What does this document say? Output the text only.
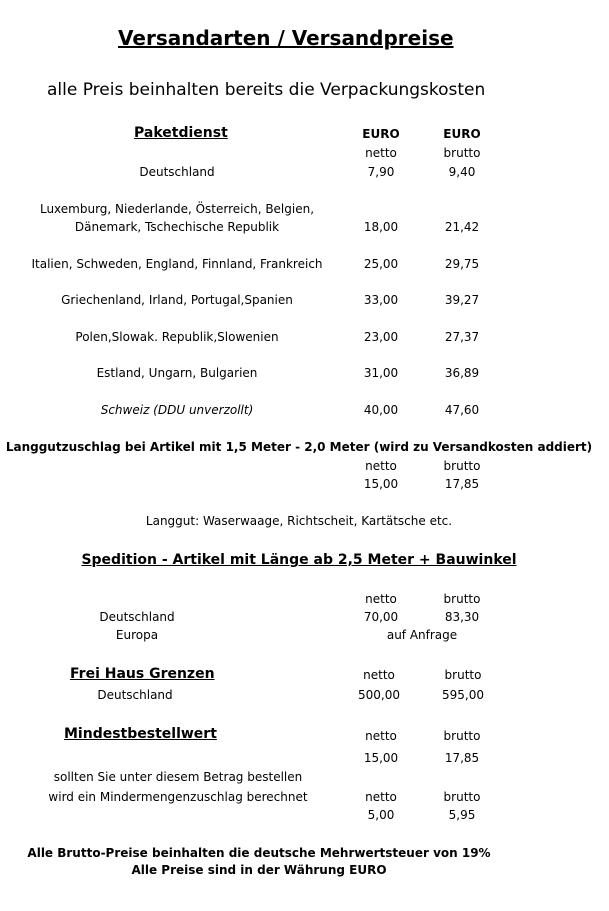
Versandarten / Versandpreise
alle Preis beinhalten bereits die Verpackungskosten
Paketdienst	EURO	EURO
netto	brutto
Deutschland	7,90	9,40
Luxemburg, Niederlande, Österreich, Belgien,
Dänemark, Tschechische Republik	18,00	21,42
Italien, Schweden, England, Finnland, Frankreich	25,00	29,75
Griechenland, Irland, Portugal,Spanien	33,00	39,27
Polen,Slowak. Republik,Slowenien	23,00	27,37
Estland, Ungarn, Bulgarien	31,00	36,89
Schweiz (DDU unverzollt)	40,00	47,60
Langgutzuschlag bei Artikel mit 1,5 Meter - 2,0 Meter (wird zu Versandkosten addiert)
netto	brutto
15,00	17,85
Langgut: Waserwaage, Richtscheit, Kartätsche etc.
Spedition - Artikel mit Länge ab 2,5 Meter + Bauwinkel
netto	brutto
Deutschland	70,00	83,30
Europa	auf Anfrage
Frei Haus Grenzen	netto	brutto
Deutschland	500,00	595,00
Mindestbestellwert	netto	brutto
15,00	17,85
sollten Sie unter diesem Betrag bestellen
wird ein Mindermengenzuschlag berechnet	netto	brutto
5,00	5,95
Alle Brutto-Preise beinhalten die deutsche Mehrwertsteuer von 19%
Alle Preise sind in der Währung EURO
